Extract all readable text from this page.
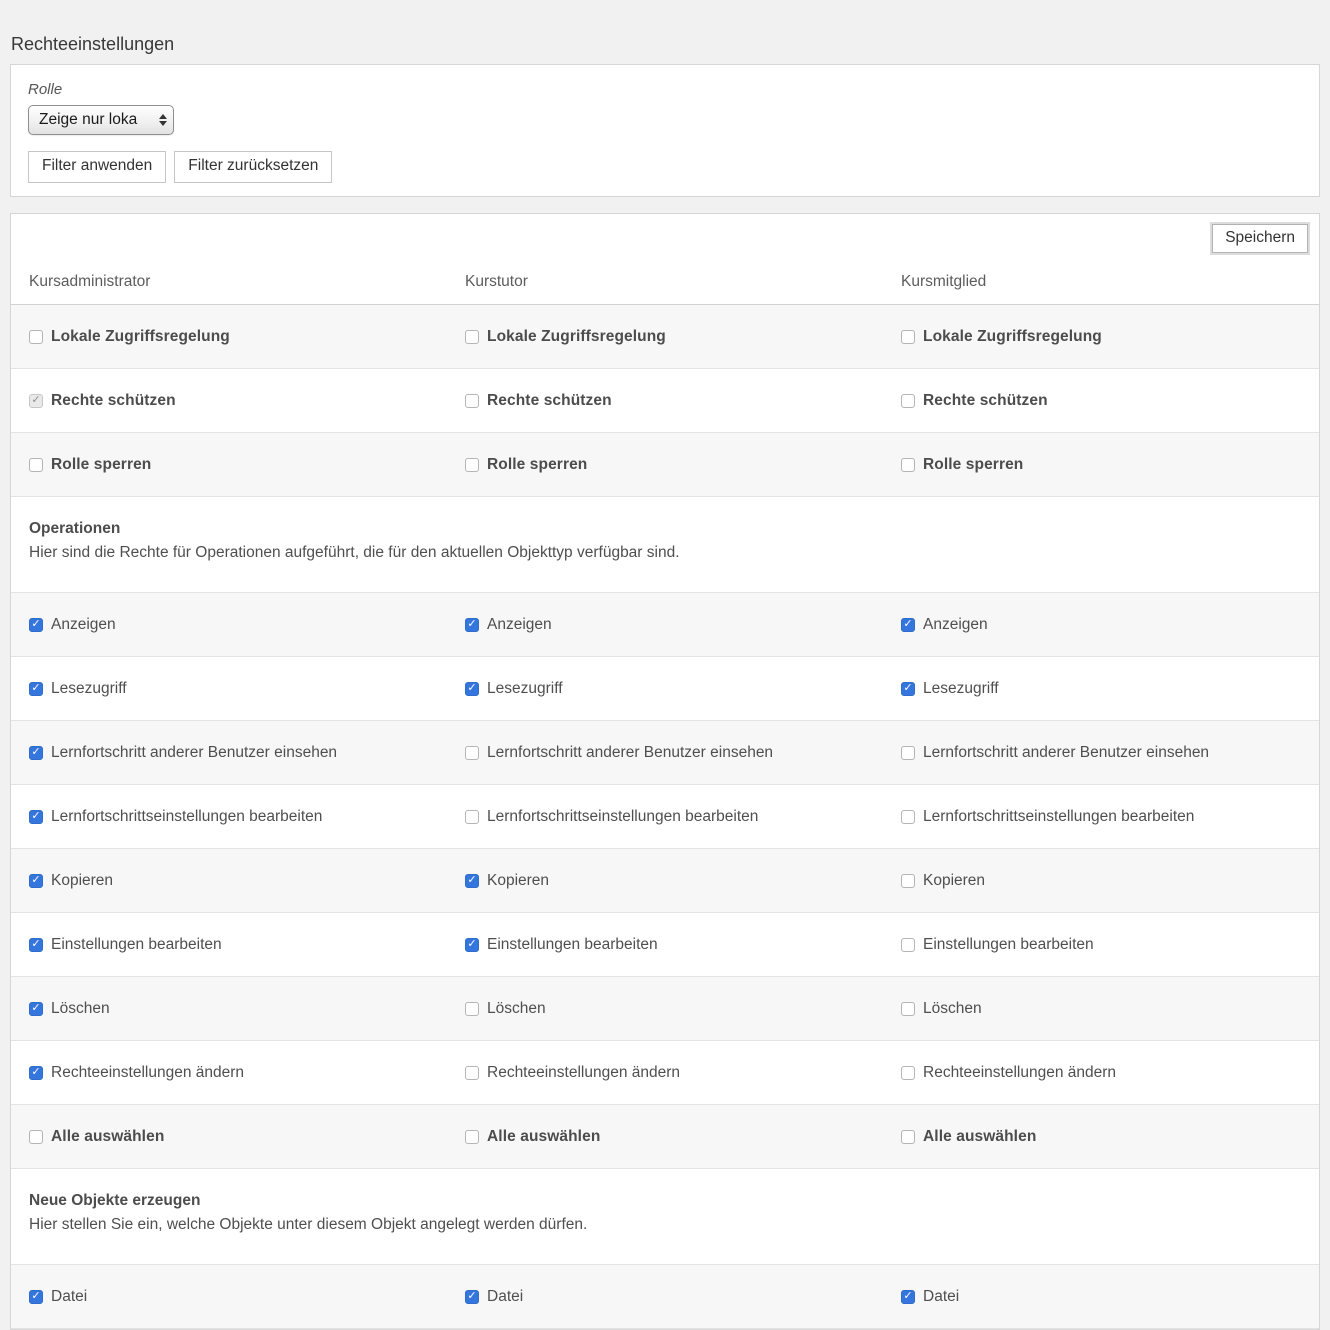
Rechteeinstellungen
Rolle
Zeige nur loka
Filter anwenden	Filter zurücksetzen
Speichern
Kursadministrator	Kurstutor	Kursmitglied
Lokale Zugriffsregelung	Lokale Zugriffsregelung	Lokale Zugriffsregelung
✓ Rechte schützen	Rechte schützen	Rechte schützen
Rolle sperren	Rolle sperren	Rolle sperren
Operationen
Hier sind die Rechte für Operationen aufgeführt, die für den aktuellen Objekttyp verfügbar sind.
✓ Anzeigen	✓ Anzeigen	✓ Anzeigen
✓ Lesezugriff	✓ Lesezugriff	✓ Lesezugriff
✓ Lernfortschritt anderer Benutzer einsehen	Lernfortschritt anderer Benutzer einsehen	Lernfortschritt anderer Benutzer einsehen
✓ Lernfortschrittseinstellungen bearbeiten	Lernfortschrittseinstellungen bearbeiten	Lernfortschrittseinstellungen bearbeiten
✓ Kopieren	✓ Kopieren	Kopieren
✓ Einstellungen bearbeiten	✓ Einstellungen bearbeiten	Einstellungen bearbeiten
✓ Löschen	Löschen	Löschen
✓ Rechteeinstellungen ändern	Rechteeinstellungen ändern	Rechteeinstellungen ändern
Alle auswählen	Alle auswählen	Alle auswählen
Neue Objekte erzeugen
Hier stellen Sie ein, welche Objekte unter diesem Objekt angelegt werden dürfen.
✓ Datei	✓ Datei	✓ Datei
